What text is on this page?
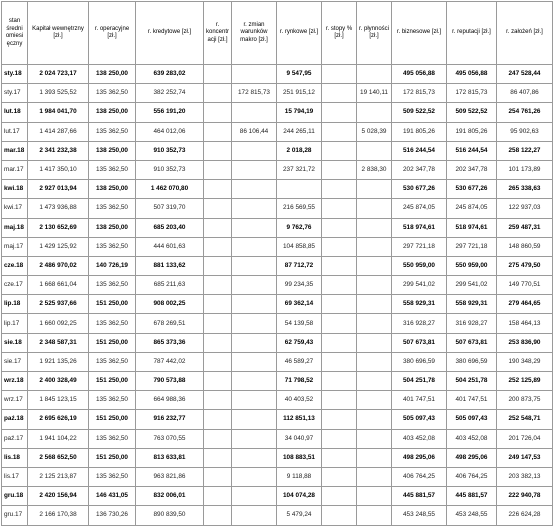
stan średni omiesi ęczny	Kapitał wewnętrzny [zł.]	r. operacyjne [zł.]	r. kredytowe [zł.]	r. koncentr acji [zł.]	r. zmian warunków makro [zł.]	r. rynkowe [zł.]	r. stopy % [zł.]	r. płynności [zł.]	r. biznesowe [zł.]	r. reputacji [zł.]	r. założeń [zł.]
sty.18	2 024 723,17	138 250,00	639 283,02			9 547,95			495 056,88	495 056,88	247 528,44
sty.17	1 393 525,52	135 362,50	382 252,74		172 815,73	251 915,12		19 140,11	172 815,73	172 815,73	86 407,86
lut.18	1 984 041,70	138 250,00	556 191,20			15 794,19			509 522,52	509 522,52	254 761,26
lut.17	1 414 287,66	135 362,50	464 012,06		86 106,44	244 265,11		5 028,39	191 805,26	191 805,26	95 902,63
mar.18	2 341 232,38	138 250,00	910 352,73			2 018,28			516 244,54	516 244,54	258 122,27
mar.17	1 417 350,10	135 362,50	910 352,73			237 321,72		2 838,30	202 347,78	202 347,78	101 173,89
kwi.18	2 927 013,94	138 250,00	1 462 070,80						530 677,26	530 677,26	265 338,63
kwi.17	1 473 936,88	135 362,50	507 319,70			216 569,55			245 874,05	245 874,05	122 937,03
maj.18	2 130 652,69	138 250,00	685 203,40			9 762,76			518 974,61	518 974,61	259 487,31
maj.17	1 429 125,92	135 362,50	444 601,63			104 858,85			297 721,18	297 721,18	148 860,59
cze.18	2 486 970,02	140 726,19	881 133,62			87 712,72			550 959,00	550 959,00	275 479,50
cze.17	1 668 661,04	135 362,50	685 211,63			99 234,35			299 541,02	299 541,02	149 770,51
lip.18	2 525 937,66	151 250,00	908 002,25			69 362,14			558 929,31	558 929,31	279 464,65
lip.17	1 660 092,25	135 362,50	678 269,51			54 139,58			316 928,27	316 928,27	158 464,13
sie.18	2 348 587,31	151 250,00	865 373,36			62 759,43			507 673,81	507 673,81	253 836,90
sie.17	1 921 135,26	135 362,50	787 442,02			46 589,27			380 696,59	380 696,59	190 348,29
wrz.18	2 400 328,49	151 250,00	790 573,88			71 798,52			504 251,78	504 251,78	252 125,89
wrz.17	1 845 123,15	135 362,50	664 988,36			40 403,52			401 747,51	401 747,51	200 873,75
paź.18	2 695 626,19	151 250,00	916 232,77			112 851,13			505 097,43	505 097,43	252 548,71
paź.17	1 941 104,22	135 362,50	763 070,55			34 040,97			403 452,08	403 452,08	201 726,04
lis.18	2 568 652,50	151 250,00	813 633,81			108 883,51			498 295,06	498 295,06	249 147,53
lis.17	2 125 213,87	135 362,50	963 821,86			9 118,88			406 764,25	406 764,25	203 382,13
gru.18	2 420 156,94	146 431,05	832 006,01			104 074,28			445 881,57	445 881,57	222 940,78
gru.17	2 166 170,38	136 730,26	890 839,50			5 479,24			453 248,55	453 248,55	226 624,28
